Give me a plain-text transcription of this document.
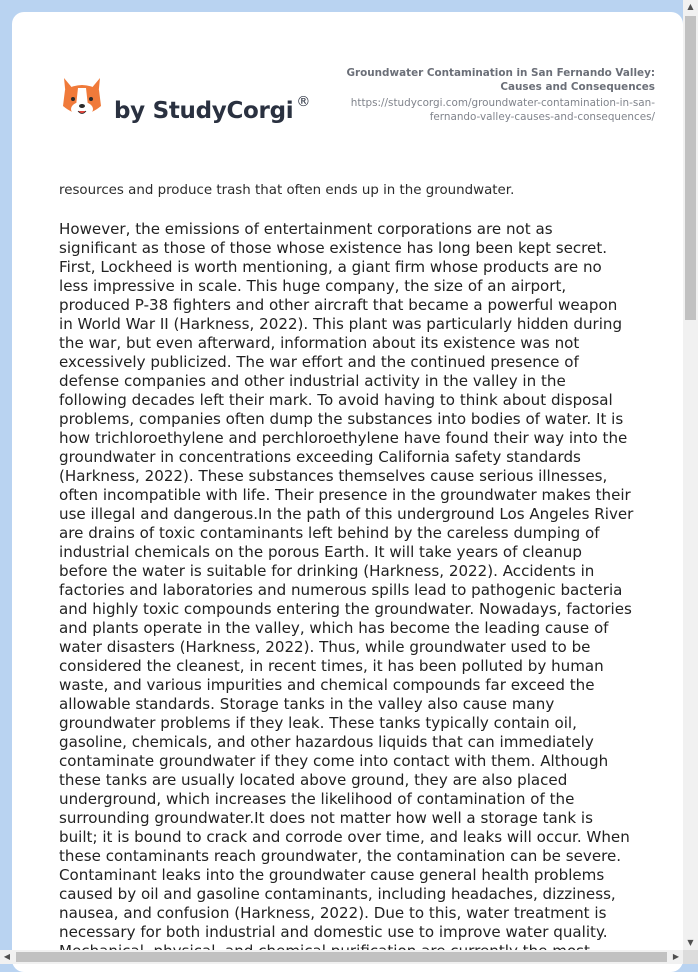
by StudyCorgi ®
Groundwater Contamination in San Fernando Valley:
Causes and Consequences
https://studycorgi.com/groundwater-contamination-in-san-
fernando-valley-causes-and-consequences/
resources and produce trash that often ends up in the groundwater.
However, the emissions of entertainment corporations are not as
significant as those of those whose existence has long been kept secret.
First, Lockheed is worth mentioning, a giant firm whose products are no
less impressive in scale. This huge company, the size of an airport,
produced P-38 fighters and other aircraft that became a powerful weapon
in World War II (Harkness, 2022). This plant was particularly hidden during
the war, but even afterward, information about its existence was not
excessively publicized. The war effort and the continued presence of
defense companies and other industrial activity in the valley in the
following decades left their mark. To avoid having to think about disposal
problems, companies often dump the substances into bodies of water. It is
how trichloroethylene and perchloroethylene have found their way into the
groundwater in concentrations exceeding California safety standards
(Harkness, 2022). These substances themselves cause serious illnesses,
often incompatible with life. Their presence in the groundwater makes their
use illegal and dangerous.In the path of this underground Los Angeles River
are drains of toxic contaminants left behind by the careless dumping of
industrial chemicals on the porous Earth. It will take years of cleanup
before the water is suitable for drinking (Harkness, 2022). Accidents in
factories and laboratories and numerous spills lead to pathogenic bacteria
and highly toxic compounds entering the groundwater. Nowadays, factories
and plants operate in the valley, which has become the leading cause of
water disasters (Harkness, 2022). Thus, while groundwater used to be
considered the cleanest, in recent times, it has been polluted by human
waste, and various impurities and chemical compounds far exceed the
allowable standards. Storage tanks in the valley also cause many
groundwater problems if they leak. These tanks typically contain oil,
gasoline, chemicals, and other hazardous liquids that can immediately
contaminate groundwater if they come into contact with them. Although
these tanks are usually located above ground, they are also placed
underground, which increases the likelihood of contamination of the
surrounding groundwater.It does not matter how well a storage tank is
built; it is bound to crack and corrode over time, and leaks will occur. When
these contaminants reach groundwater, the contamination can be severe.
Contaminant leaks into the groundwater cause general health problems
caused by oil and gasoline contaminants, including headaches, dizziness,
nausea, and confusion (Harkness, 2022). Due to this, water treatment is
necessary for both industrial and domestic use to improve water quality.
▲
▼
◀	▶
